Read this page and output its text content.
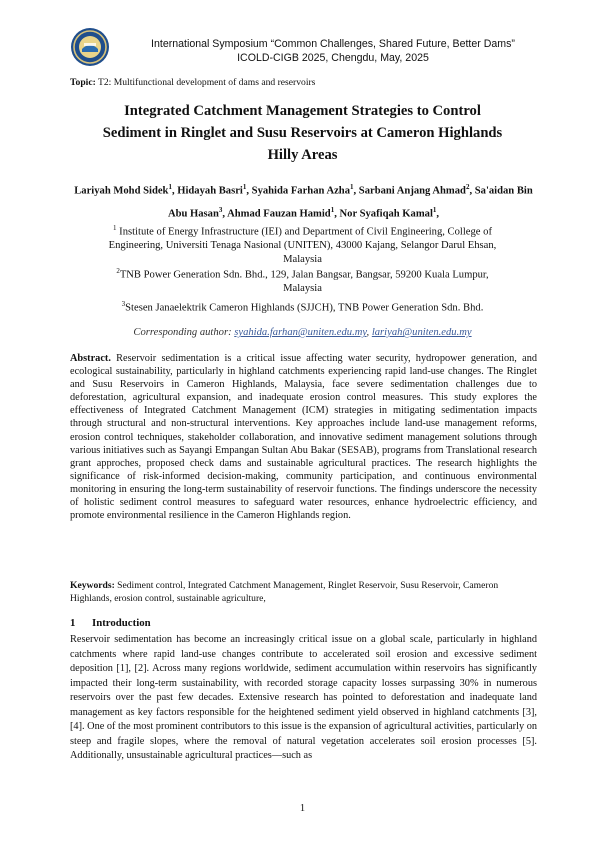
International Symposium “Common Challenges, Shared Future, Better Dams”
ICOLD-CIGB 2025, Chengdu, May, 2025
Topic: T2: Multifunctional development of dams and reservoirs
Integrated Catchment Management Strategies to Control
Sediment in Ringlet and Susu Reservoirs at Cameron Highlands
Hilly Areas
Lariyah Mohd Sidek$^1$, Hidayah Basri$^1$, Syahida Farhan Azha$^1$, Sarbani Anjang Ahmad$^2$, Sa'aidan Bin Abu Hasan$^3$, Ahmad Fauzan Hamid$^1$, Nor Syafiqah Kamal$^1$,
$^1$ Institute of Energy Infrastructure (IEI) and Department of Civil Engineering, College of
Engineering, Universiti Tenaga Nasional (UNITEN), 43000 Kajang, Selangor Darul Ehsan,
Malaysia
$^2$TNB Power Generation Sdn. Bhd., 129, Jalan Bangsar, Bangsar, 59200 Kuala Lumpur,
Malaysia
$^3$Stesen Janaelektrik Cameron Highlands (SJJCH), TNB Power Generation Sdn. Bhd.
Corresponding author: syahida.farhan@uniten.edu.my, lariyah@uniten.edu.my
Abstract. Reservoir sedimentation is a critical issue affecting water security, hydropower generation, and ecological sustainability, particularly in highland catchments experiencing rapid land-use changes. The Ringlet and Susu Reservoirs in Cameron Highlands, Malaysia, face severe sedimentation challenges due to deforestation, agricultural expansion, and inadequate erosion control measures. This study explores the effectiveness of Integrated Catchment Management (ICM) strategies in mitigating sedimentation impacts through structural and non-structural interventions. Key approaches include land-use management reforms, erosion control techniques, stakeholder collaboration, and innovative sediment management solutions through various initiatives such as Sayangi Empangan Sultan Abu Bakar (SESAB), programs from Translational research grant approches, proposed check dams and sustainable agricultural practices. The research highlights the significance of risk-informed decision-making, community participation, and continuous environmental monitoring in ensuring the long-term sustainability of reservoir functions. The findings underscore the necessity of holistic sediment control measures to safeguard water resources, enhance hydroelectric efficiency, and promote environmental resilience in the Cameron Highlands region.
Keywords: Sediment control, Integrated Catchment Management, Ringlet Reservoir, Susu Reservoir, Cameron Highlands, erosion control, sustainable agriculture,
1 Introduction
Reservoir sedimentation has become an increasingly critical issue on a global scale, particularly in highland catchments where rapid land-use changes contribute to accelerated soil erosion and excessive sediment deposition [1], [2]. Across many regions worldwide, sediment accumulation within reservoirs has significantly impacted their long-term sustainability, with recorded storage capacity losses surpassing 30% in numerous reservoirs over the past few decades. Extensive research has pointed to deforestation and inadequate land management as key factors responsible for the heightened sediment yield observed in highland catchments [3], [4]. One of the most prominent contributors to this issue is the expansion of agricultural activities, particularly on steep and fragile slopes, where the removal of natural vegetation accelerates soil erosion processes [5]. Additionally, unsustainable agricultural practices—such as
1
